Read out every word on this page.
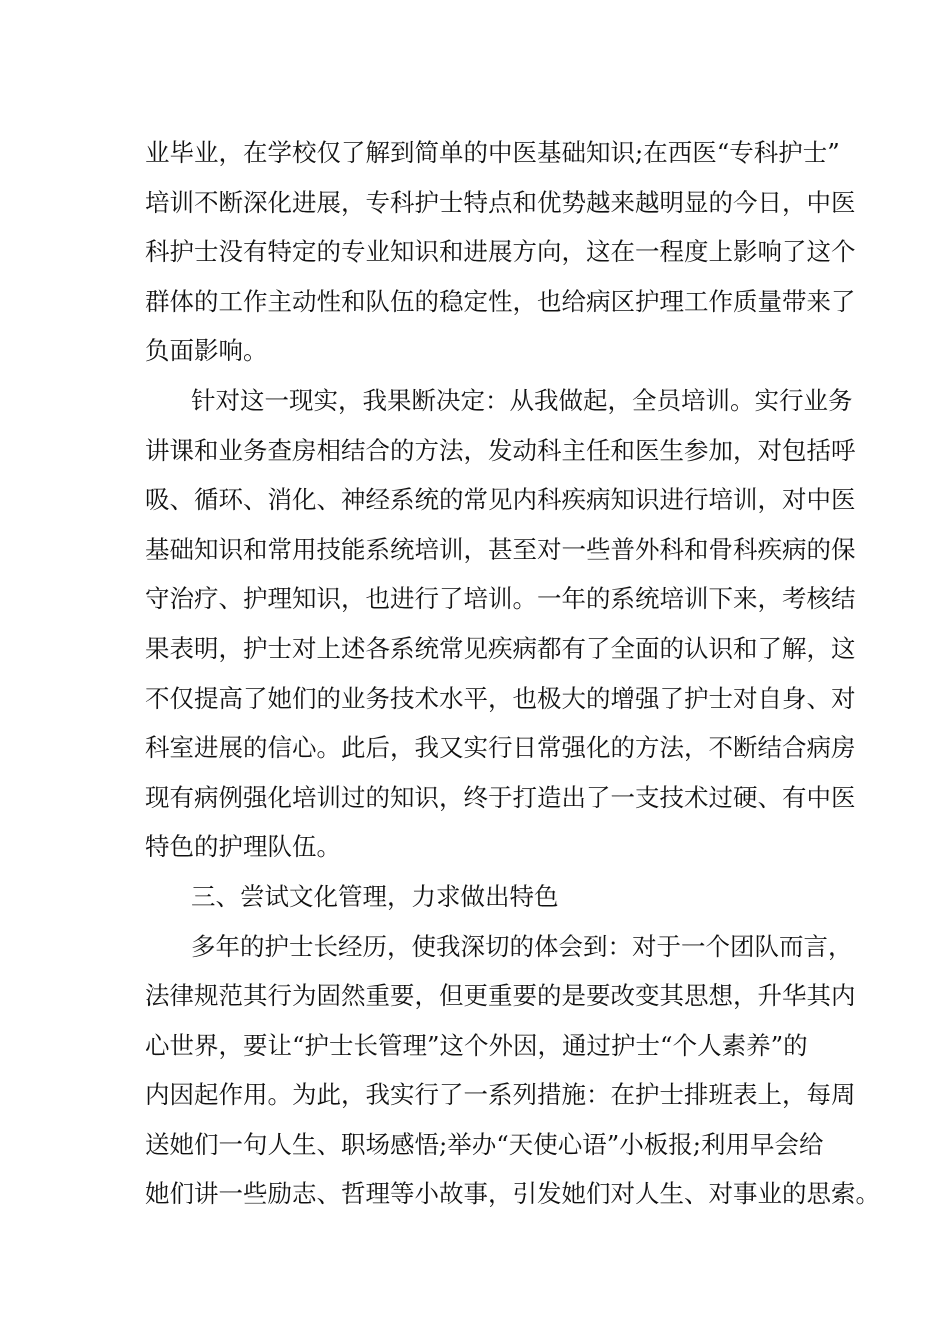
业毕业，在学校仅了解到简单的中医基础知识;在西医“专科护士”
培训不断深化进展，专科护士特点和优势越来越明显的今日，中医
科护士没有特定的专业知识和进展方向，这在一程度上影响了这个
群体的工作主动性和队伍的稳定性，也给病区护理工作质量带来了
负面影响。
针对这一现实，我果断决定：从我做起，全员培训。实行业务
讲课和业务查房相结合的方法，发动科主任和医生参加，对包括呼
吸、循环、消化、神经系统的常见内科疾病知识进行培训，对中医
基础知识和常用技能系统培训，甚至对一些普外科和骨科疾病的保
守治疗、护理知识，也进行了培训。一年的系统培训下来，考核结
果表明，护士对上述各系统常见疾病都有了全面的认识和了解，这
不仅提高了她们的业务技术水平，也极大的增强了护士对自身、对
科室进展的信心。此后，我又实行日常强化的方法，不断结合病房
现有病例强化培训过的知识，终于打造出了一支技术过硬、有中医
特色的护理队伍。
三、尝试文化管理，力求做出特色
多年的护士长经历，使我深切的体会到：对于一个团队而言，
法律规范其行为固然重要，但更重要的是要改变其思想，升华其内
心世界，要让“护士长管理”这个外因，通过护士“个人素养”的
内因起作用。为此，我实行了一系列措施：在护士排班表上，每周
送她们一句人生、职场感悟;举办“天使心语”小板报;利用早会给
她们讲一些励志、哲理等小故事，引发她们对人生、对事业的思索。
